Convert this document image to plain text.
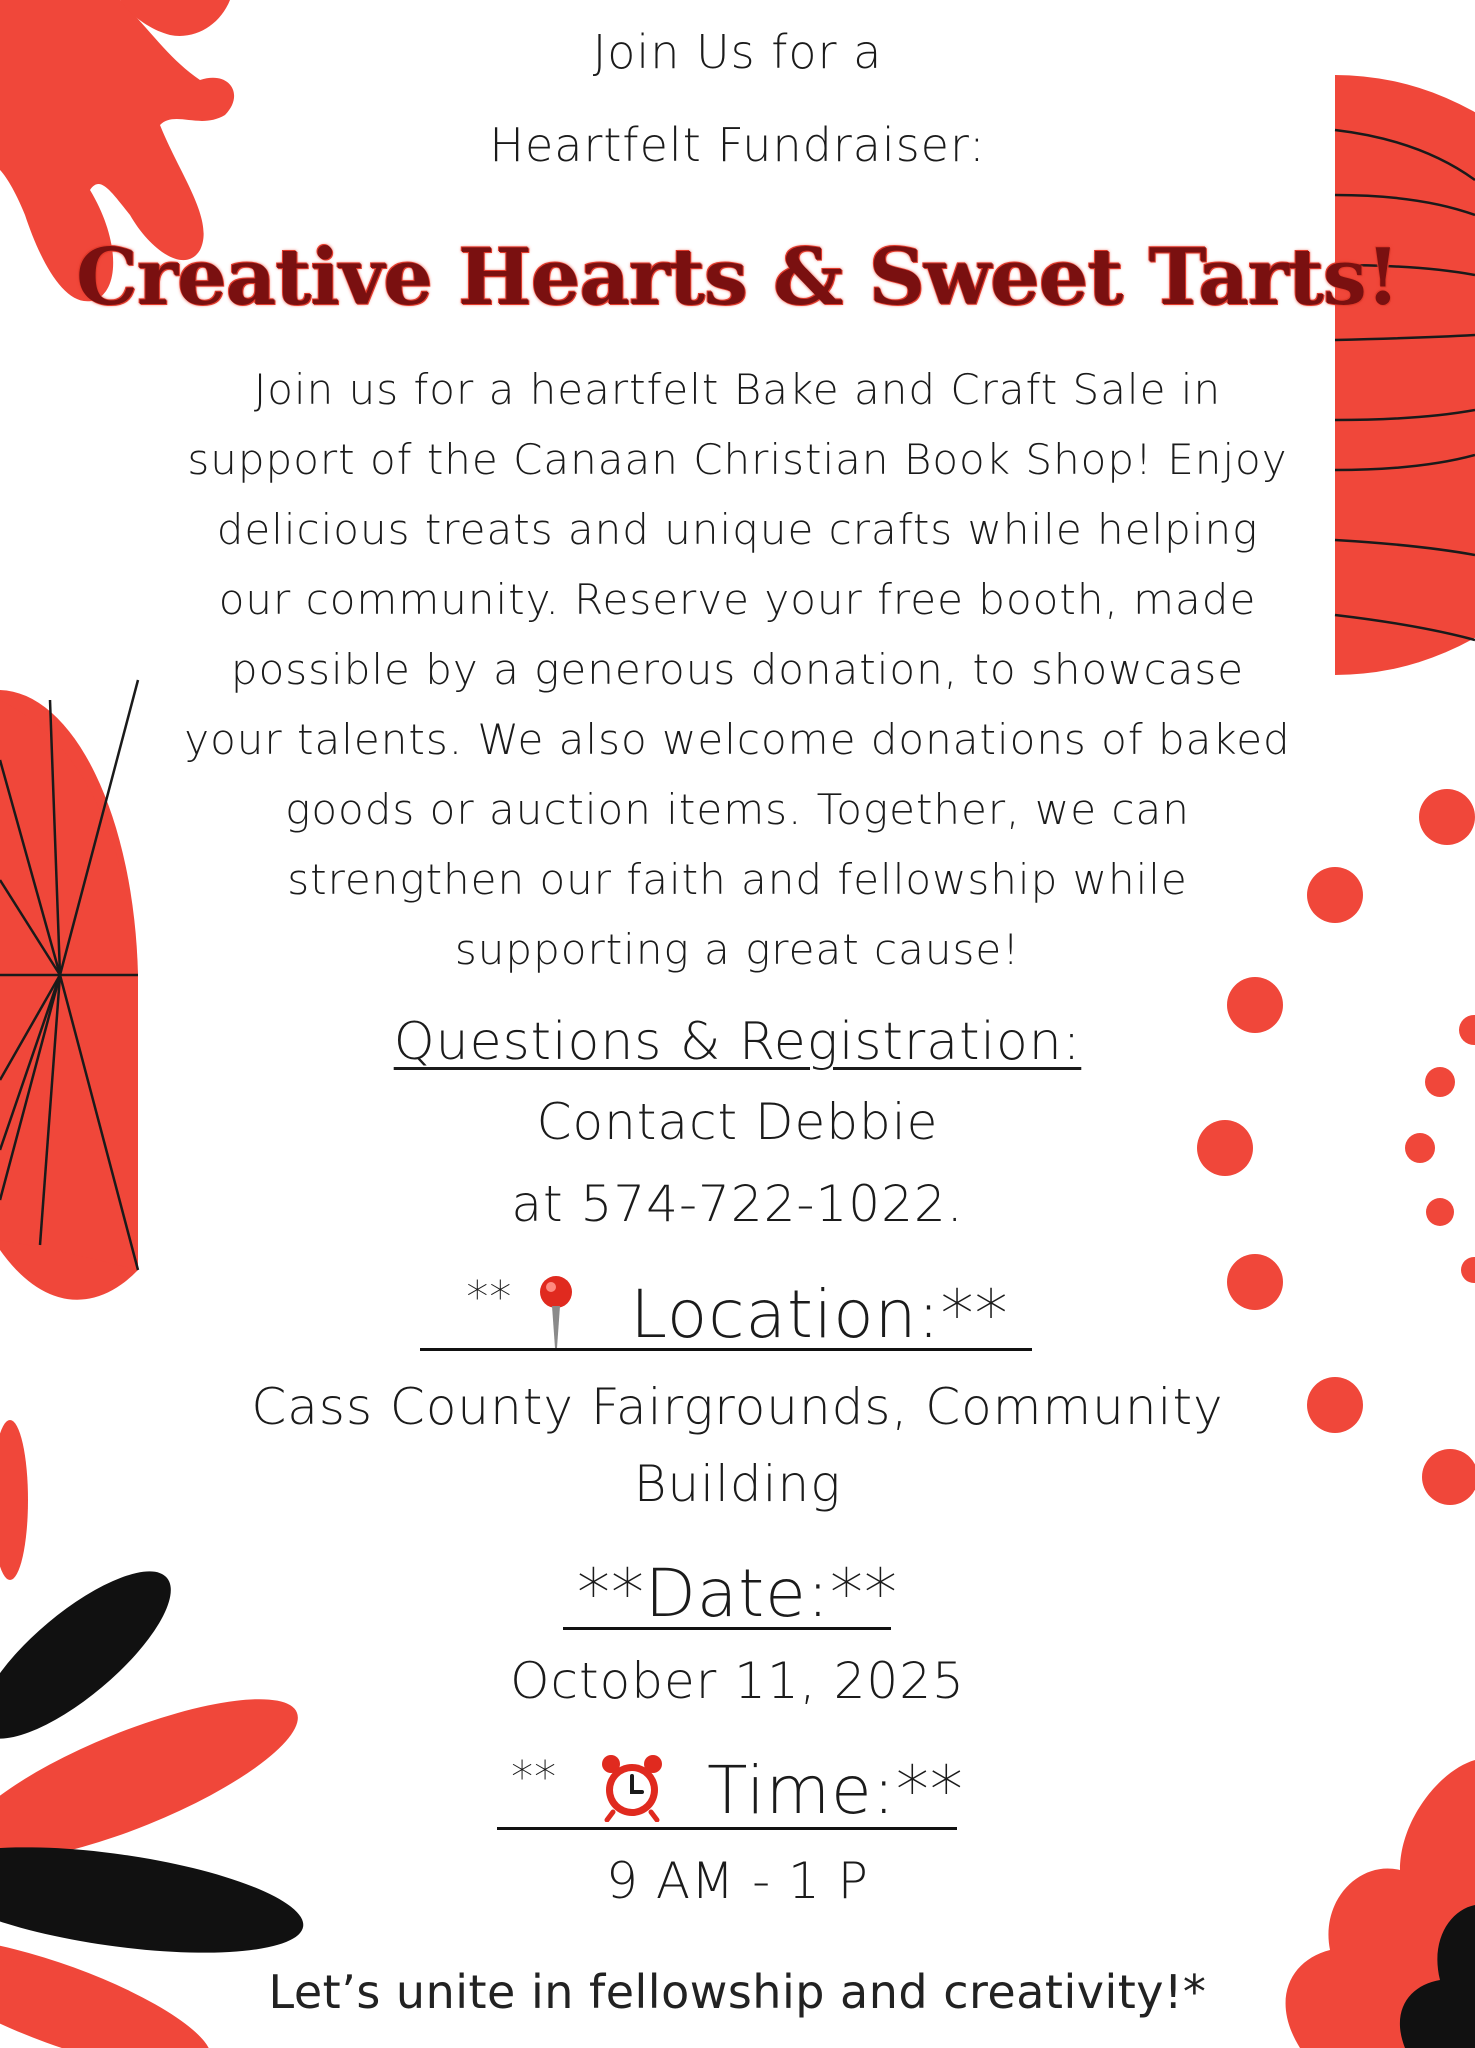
Join Us for a
Heartfelt Fundraiser:
Creative Hearts & Sweet Tarts!
Join us for a heartfelt Bake and Craft Sale in
support of the Canaan Christian Book Shop! Enjoy
delicious treats and unique crafts while helping
our community. Reserve your free booth, made
possible by a generous donation, to showcase
your talents. We also welcome donations of baked
goods or auction items. Together, we can
strengthen our faith and fellowship while
supporting a great cause!
Questions & Registration:
Contact Debbie
at 574-722-1022.
** Location:**
Cass County Fairgrounds, Community
Building
**Date:**
October 11, 2025
** Time:**
9 AM - 1 P
Let’s unite in fellowship and creativity!*
